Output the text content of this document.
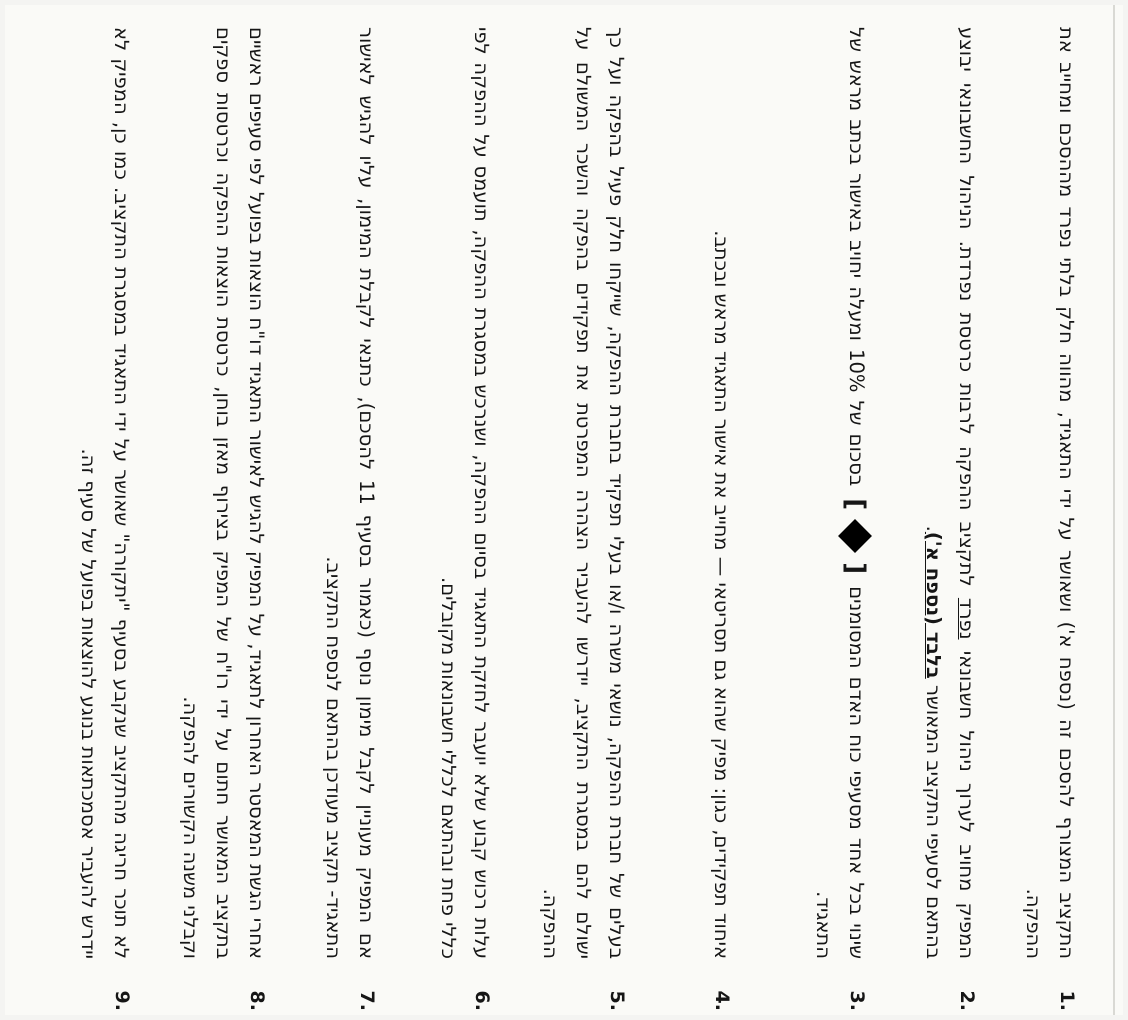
.1
התקציב המצורף להסכם זה (נספח א') ושאושר על ידי התאגיד, מהווה חלק בלתי נפרד מההסכם ומחייב את ההפקה.
.2
המפיק מחויב לערוך ניהול חשבונאי נפרד לתקציב ההפקה לרבות כרטסת נפרדת. הניהול החשבונאי יבוצע בהתאם לסעיפי התקציב המאושר בלבד (נספח א').
.3
שינוי בכל אחד מסעיפי כוח האדם המסומנים [] בסכום של 10% ומעלה יחויב באישור בכתב מראש של התאגיד.
.4
איחוד תפקידים, כגון: מפיק שהוא גם תסריטאי — מחייב את אישור התאגיד מראש ובכתב.
.5
בעלים של חברת ההפקה, נושאי משרה ו/או בעלי תפקיד בחברת ההפקה, שייקחו חלק פעיל בהפקה ועל כך ישולם להם במסגרת התקציב, יידרשו להעביר הצהרה המפרטת את תפקידים בהפקה והשכר המשולם על ההפקה.
.6
עלות רכוש קבוע שלא יועבר לחזקת התאגיד בסיום ההפקה, ושנרכש במסגרת ההפקה, תועמס על ההפקה לפי כללי פחת ובהתאם לכללי חשבונאות מקובלים.
.7
אם המפיק מעוניין לקבל מימון נוסף (כאמור בסעיף 11 להסכם), כתנאי לקבלת המימון, עליו להגיש לאישור התאגיד- תקציב מעודכן בהתאם לנספח התקציב.
.8
אחרי הגשת המאסטר האחרון לתאגיד, על המפיק להגיש לאישור התאגיד דו"ח הוצאות בפועל לפי סעיפים ראשיים בתקציב המאושר חתום על ידי רו"ח של המפיק בצירוף מאזן בוחן, כרטסת הוצאות ההפקה וכרטסות ספקים וקבלני משנה הקשורים להפקה.
.9
לא תוכר חריגה מהתקציב שנקבע בסעיף "יתקורה" שאושר על ידי התאגיד במסגרת התקציב. כמו כן, המפיק לא יידרש להעביר אסמכתאות בנוגע להוצאות בפועל של סעיף זה.
